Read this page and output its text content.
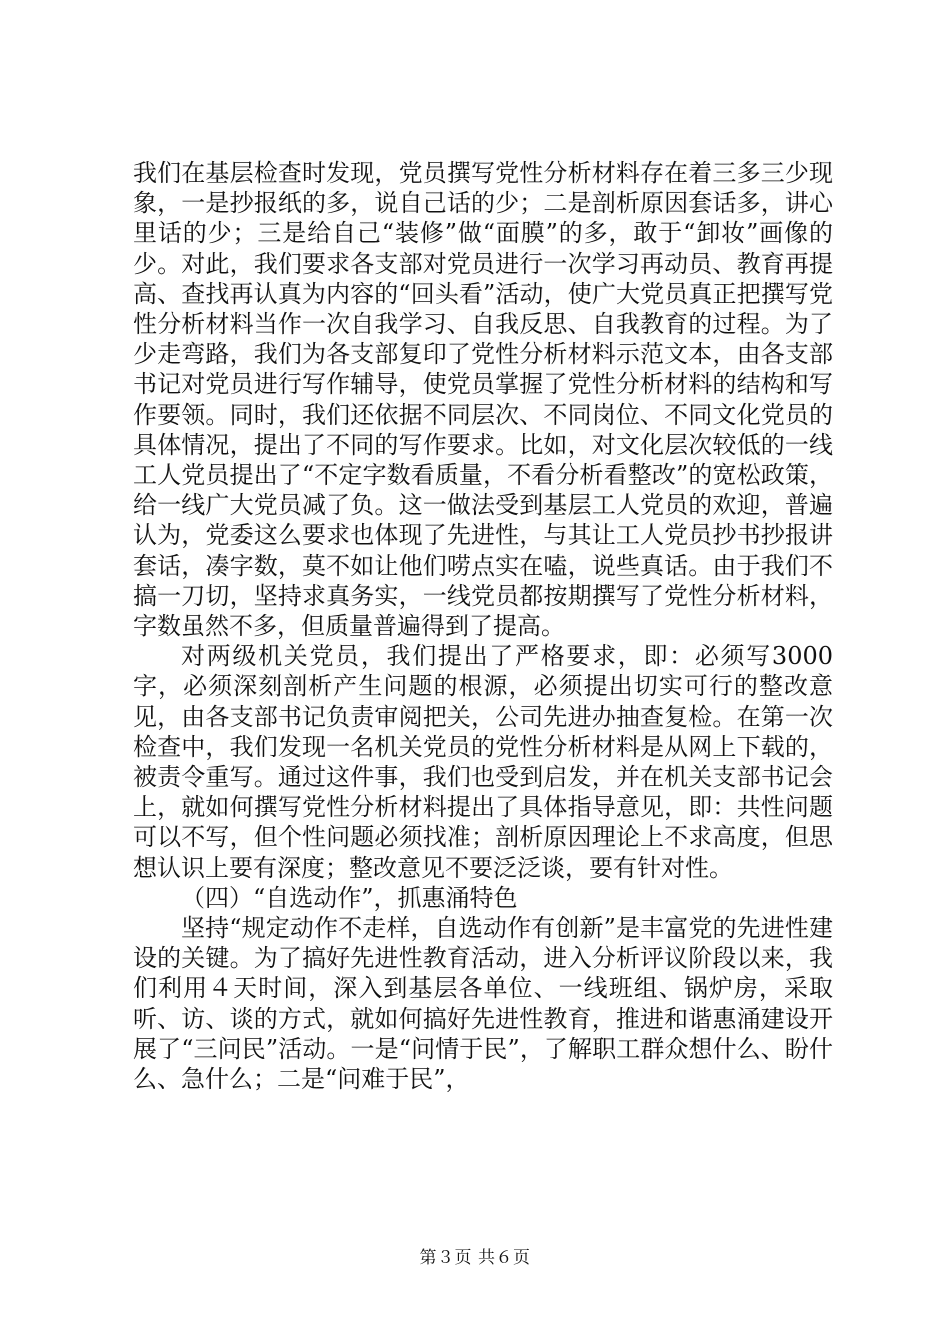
我们在基层检查时发现，党员撰写党性分析材料存在着三多三少现象，一是抄报纸的多，说自己话的少；二是剖析原因套话多，讲心里话的少；三是给自己“装修”做“面膜”的多，敢于“卸妆”画像的少。对此，我们要求各支部对党员进行一次学习再动员、教育再提高、查找再认真为内容的“回头看”活动，使广大党员真正把撰写党性分析材料当作一次自我学习、自我反思、自我教育的过程。为了少走弯路，我们为各支部复印了党性分析材料示范文本，由各支部书记对党员进行写作辅导，使党员掌握了党性分析材料的结构和写作要领。同时，我们还依据不同层次、不同岗位、不同文化党员的具体情况，提出了不同的写作要求。比如，对文化层次较低的一线工人党员提出了“不定字数看质量，不看分析看整改”的宽松政策，给一线广大党员减了负。这一做法受到基层工人党员的欢迎，普遍认为，党委这么要求也体现了先进性，与其让工人党员抄书抄报讲套话，凑字数，莫不如让他们唠点实在嗑，说些真话。由于我们不搞一刀切，坚持求真务实，一线党员都按期撰写了党性分析材料，字数虽然不多，但质量普遍得到了提高。

对两级机关党员，我们提出了严格要求，即：必须写3000字，必须深刻剖析产生问题的根源，必须提出切实可行的整改意见，由各支部书记负责审阅把关，公司先进办抽查复检。在第一次检查中，我们发现一名机关党员的党性分析材料是从网上下载的，被责令重写。通过这件事，我们也受到启发，并在机关支部书记会上，就如何撰写党性分析材料提出了具体指导意见，即：共性问题可以不写，但个性问题必须找准；剖析原因理论上不求高度，但思想认识上要有深度；整改意见不要泛泛谈，要有针对性。

（四）“自选动作”，抓惠涌特色

坚持“规定动作不走样，自选动作有创新”是丰富党的先进性建设的关键。为了搞好先进性教育活动，进入分析评议阶段以来，我们利用４天时间，深入到基层各单位、一线班组、锅炉房，采取听、访、谈的方式，就如何搞好先进性教育，推进和谐惠涌建设开展了“三问民”活动。一是“问情于民”，了解职工群众想什么、盼什么、急什么；二是“问难于民”，

第３页 共６页
